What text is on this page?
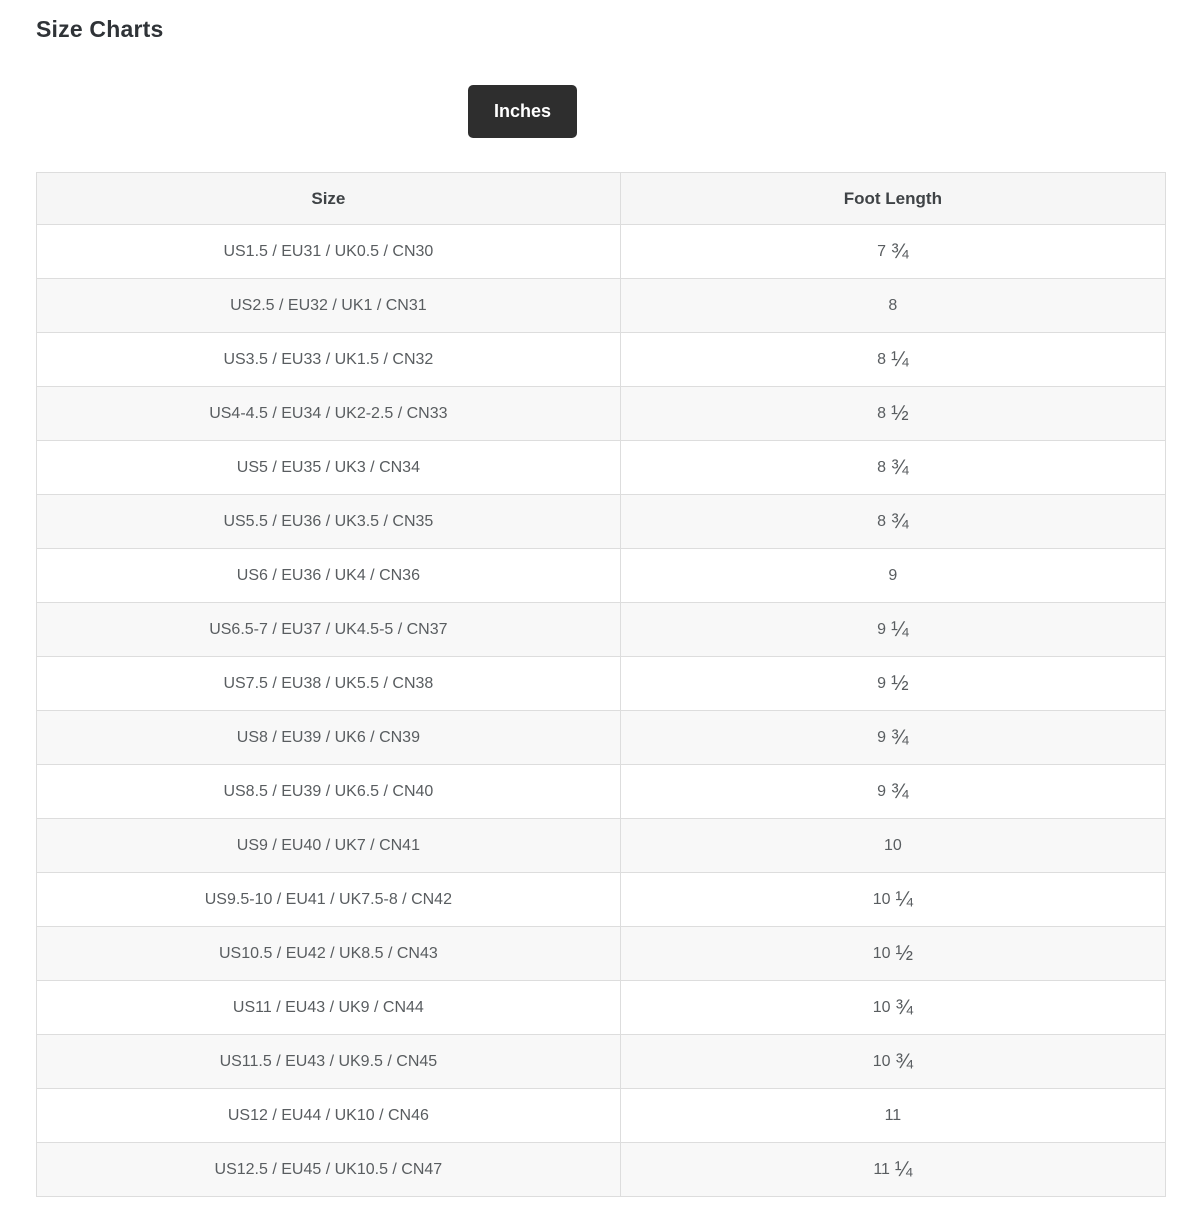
Size Charts
Inches
Size	Foot Length
US1.5 / EU31 / UK0.5 / CN30	7 ¾
US2.5 / EU32 / UK1 / CN31	8
US3.5 / EU33 / UK1.5 / CN32	8 ¼
US4-4.5 / EU34 / UK2-2.5 / CN33	8 ½
US5 / EU35 / UK3 / CN34	8 ¾
US5.5 / EU36 / UK3.5 / CN35	8 ¾
US6 / EU36 / UK4 / CN36	9
US6.5-7 / EU37 / UK4.5-5 / CN37	9 ¼
US7.5 / EU38 / UK5.5 / CN38	9 ½
US8 / EU39 / UK6 / CN39	9 ¾
US8.5 / EU39 / UK6.5 / CN40	9 ¾
US9 / EU40 / UK7 / CN41	10
US9.5-10 / EU41 / UK7.5-8 / CN42	10 ¼
US10.5 / EU42 / UK8.5 / CN43	10 ½
US11 / EU43 / UK9 / CN44	10 ¾
US11.5 / EU43 / UK9.5 / CN45	10 ¾
US12 / EU44 / UK10 / CN46	11
US12.5 / EU45 / UK10.5 / CN47	11 ¼
